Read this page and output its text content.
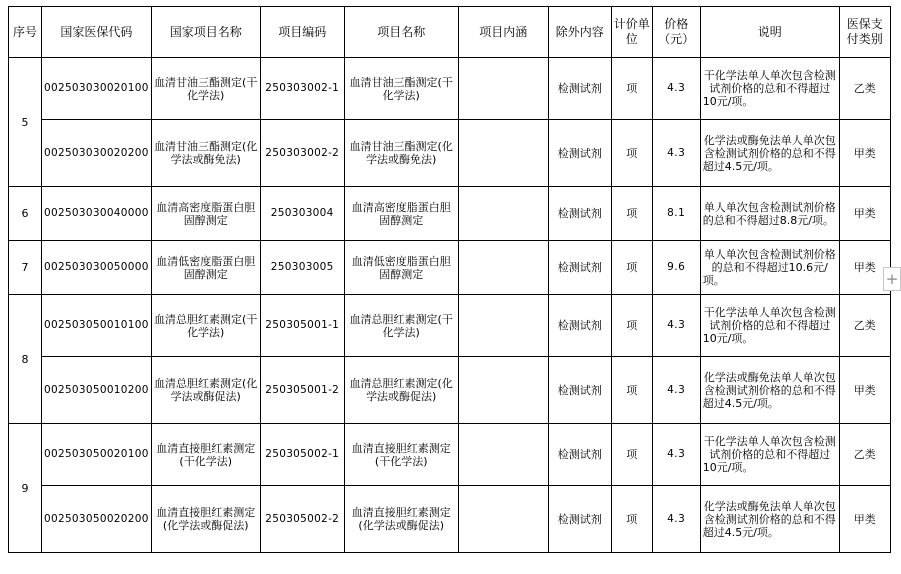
序号	国家医保代码	国家项目名称	项目编码	项目名称	项目内涵	除外内容	计价单位	价格（元）	说明	医保支付类别
5	002503030020100	血清甘油三酯测定(干化学法)	250303002-1	血清甘油三酯测定(干化学法)		检测试剂	项	4.3	干化学法单人单次包含检测试剂价格的总和不得超过10元/项。	乙类
	002503030020200	血清甘油三酯测定(化学法或酶免法)	250303002-2	血清甘油三酯测定(化学法或酶免法)		检测试剂	项	4.3	化学法或酶免法单人单次包含检测试剂价格的总和不得超过4.5元/项。	甲类
6	002503030040000	血清高密度脂蛋白胆固醇测定	250303004	血清高密度脂蛋白胆固醇测定		检测试剂	项	8.1	单人单次包含检测试剂价格的总和不得超过8.8元/项。	甲类
7	002503030050000	血清低密度脂蛋白胆固醇测定	250303005	血清低密度脂蛋白胆固醇测定		检测试剂	项	9.6	单人单次包含检测试剂价格的总和不得超过10.6元/项。	甲类
8	002503050010100	血清总胆红素测定(干化学法)	250305001-1	血清总胆红素测定(干化学法)		检测试剂	项	4.3	干化学法单人单次包含检测试剂价格的总和不得超过10元/项。	乙类
	002503050010200	血清总胆红素测定(化学法或酶促法)	250305001-2	血清总胆红素测定(化学法或酶促法)		检测试剂	项	4.3	化学法或酶免法单人单次包含检测试剂价格的总和不得超过4.5元/项。	甲类
9	002503050020100	血清直接胆红素测定(干化学法)	250305002-1	血清直接胆红素测定(干化学法)		检测试剂	项	4.3	干化学法单人单次包含检测试剂价格的总和不得超过10元/项。	乙类
	002503050020200	血清直接胆红素测定(化学法或酶促法)	250305002-2	血清直接胆红素测定(化学法或酶促法)		检测试剂	项	4.3	化学法或酶免法单人单次包含检测试剂价格的总和不得超过4.5元/项。	甲类
+
